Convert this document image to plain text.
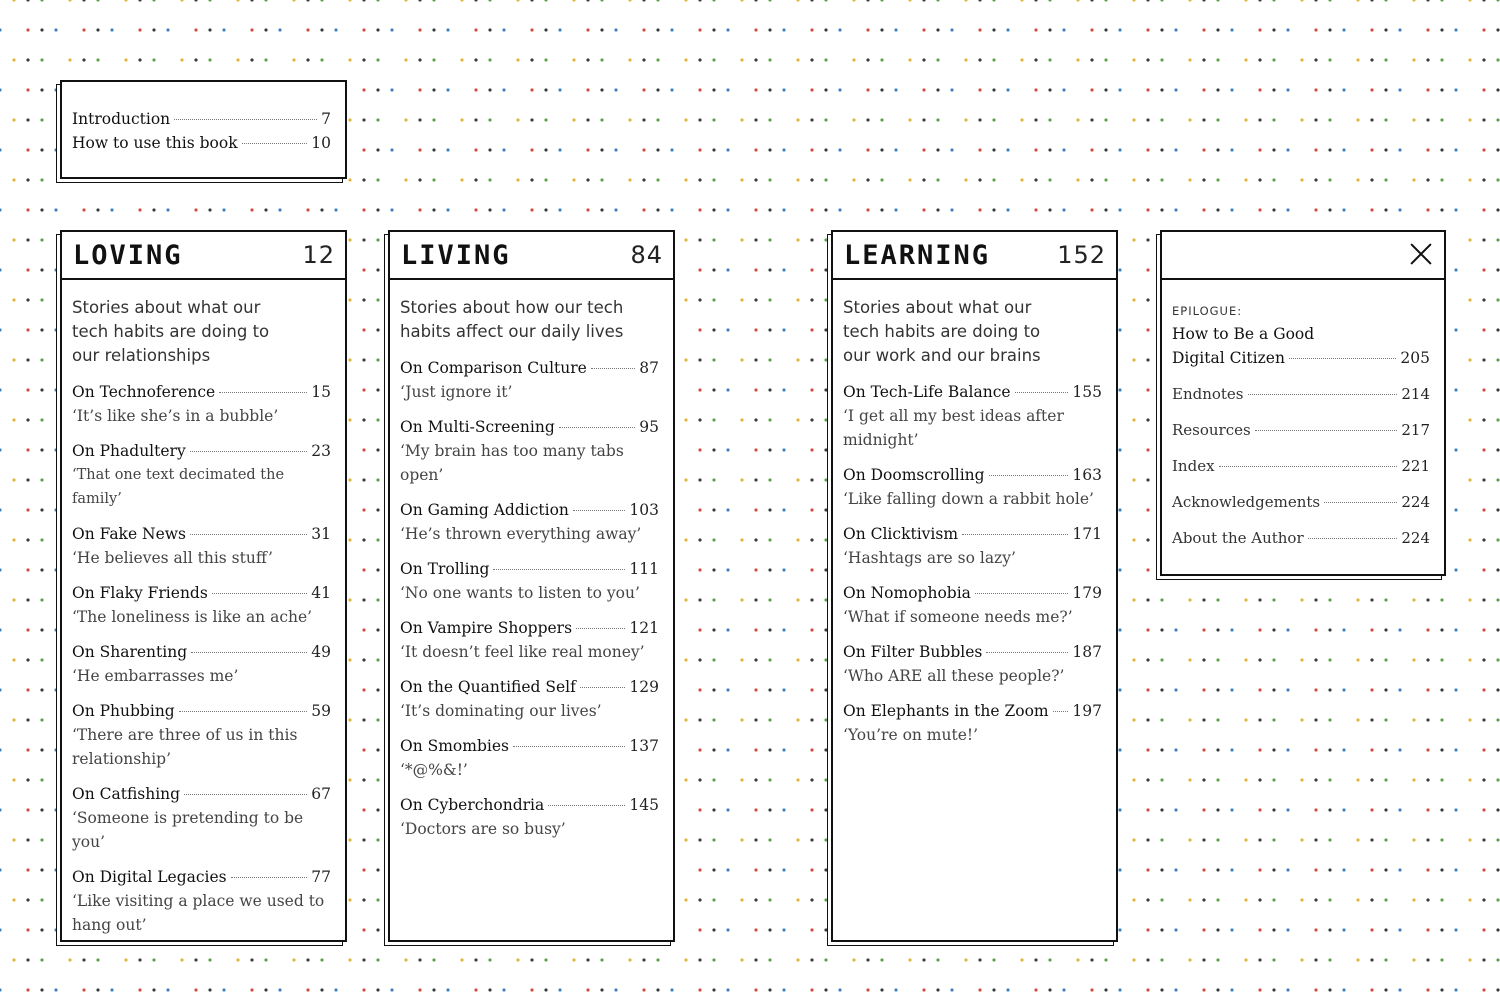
Introduction	7
How to use this book	10
LOVING	12
Stories about what our
tech habits are doing to
our relationships
On Technoference	15
‘It’s like she’s in a bubble’
On Phadultery	23
‘That one text decimated the family’
On Fake News	31
‘He believes all this stuff’
On Flaky Friends	41
‘The loneliness is like an ache’
On Sharenting	49
‘He embarrasses me’
On Phubbing	59
‘There are three of us in this relationship’
On Catfishing	67
‘Someone is pretending to be you’
On Digital Legacies	77
‘Like visiting a place we used to hang out’
LIVING	84
Stories about how our tech
habits affect our daily lives
On Comparison Culture	87
‘Just ignore it’
On Multi-Screening	95
‘My brain has too many tabs open’
On Gaming Addiction	103
‘He’s thrown everything away’
On Trolling	111
‘No one wants to listen to you’
On Vampire Shoppers	121
‘It doesn’t feel like real money’
On the Quantified Self	129
‘It’s dominating our lives’
On Smombies	137
‘*@%&!’
On Cyberchondria	145
‘Doctors are so busy’
LEARNING	152
Stories about what our
tech habits are doing to
our work and our brains
On Tech-Life Balance	155
‘I get all my best ideas after midnight’
On Doomscrolling	163
‘Like falling down a rabbit hole’
On Clicktivism	171
‘Hashtags are so lazy’
On Nomophobia	179
‘What if someone needs me?’
On Filter Bubbles	187
‘Who ARE all these people?’
On Elephants in the Zoom 197
‘You’re on mute!’
EPILOGUE:
How to Be a Good
Digital Citizen	205
Endnotes	214
Resources	217
Index	221
Acknowledgements	224
About the Author	224
